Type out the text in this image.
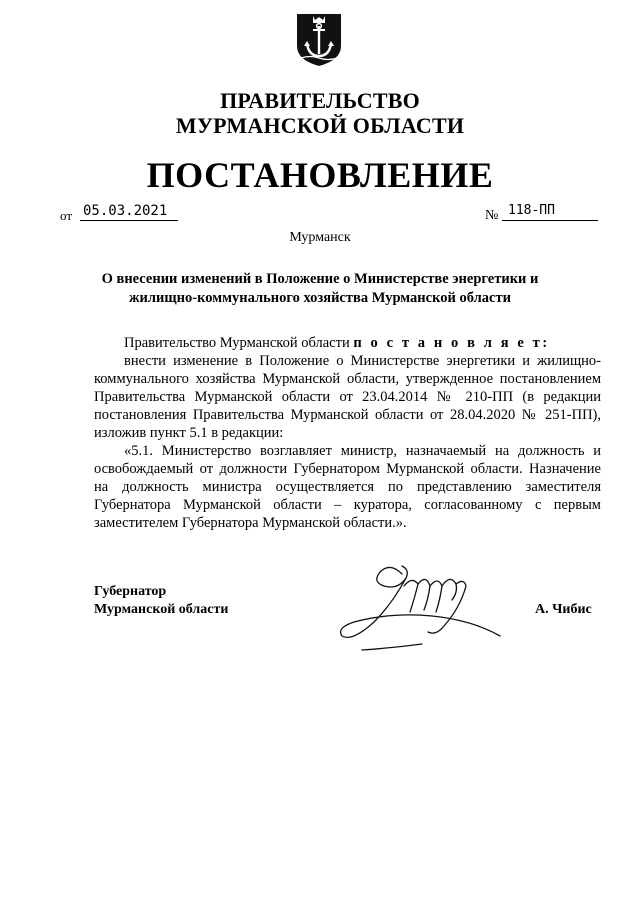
ПРАВИТЕЛЬСТВО
МУРМАНСКОЙ ОБЛАСТИ
ПОСТАНОВЛЕНИЕ
от 05.03.2021	№ 118-ПП
Мурманск
О внесении изменений в Положение о Министерстве энергетики и жилищно-коммунального хозяйства Мурманской области

Правительство Мурманской области п о с т а н о в л я е т:

внести изменение в Положение о Министерстве энергетики и жилищно-коммунального хозяйства Мурманской области, утвержденное постановлением Правительства Мурманской области от 23.04.2014 № 210-ПП (в редакции постановления Правительства Мурманской области от 28.04.2020 № 251-ПП), изложив пункт 5.1 в редакции:

«5.1. Министерство возглавляет министр, назначаемый на должность и освобождаемый от должности Губернатором Мурманской области. Назначение на должность министра осуществляется по представлению заместителя Губернатора Мурманской области – куратора, согласованному с первым заместителем Губернатора Мурманской области.».

Губернатор
Мурманской области	А. Чибис
